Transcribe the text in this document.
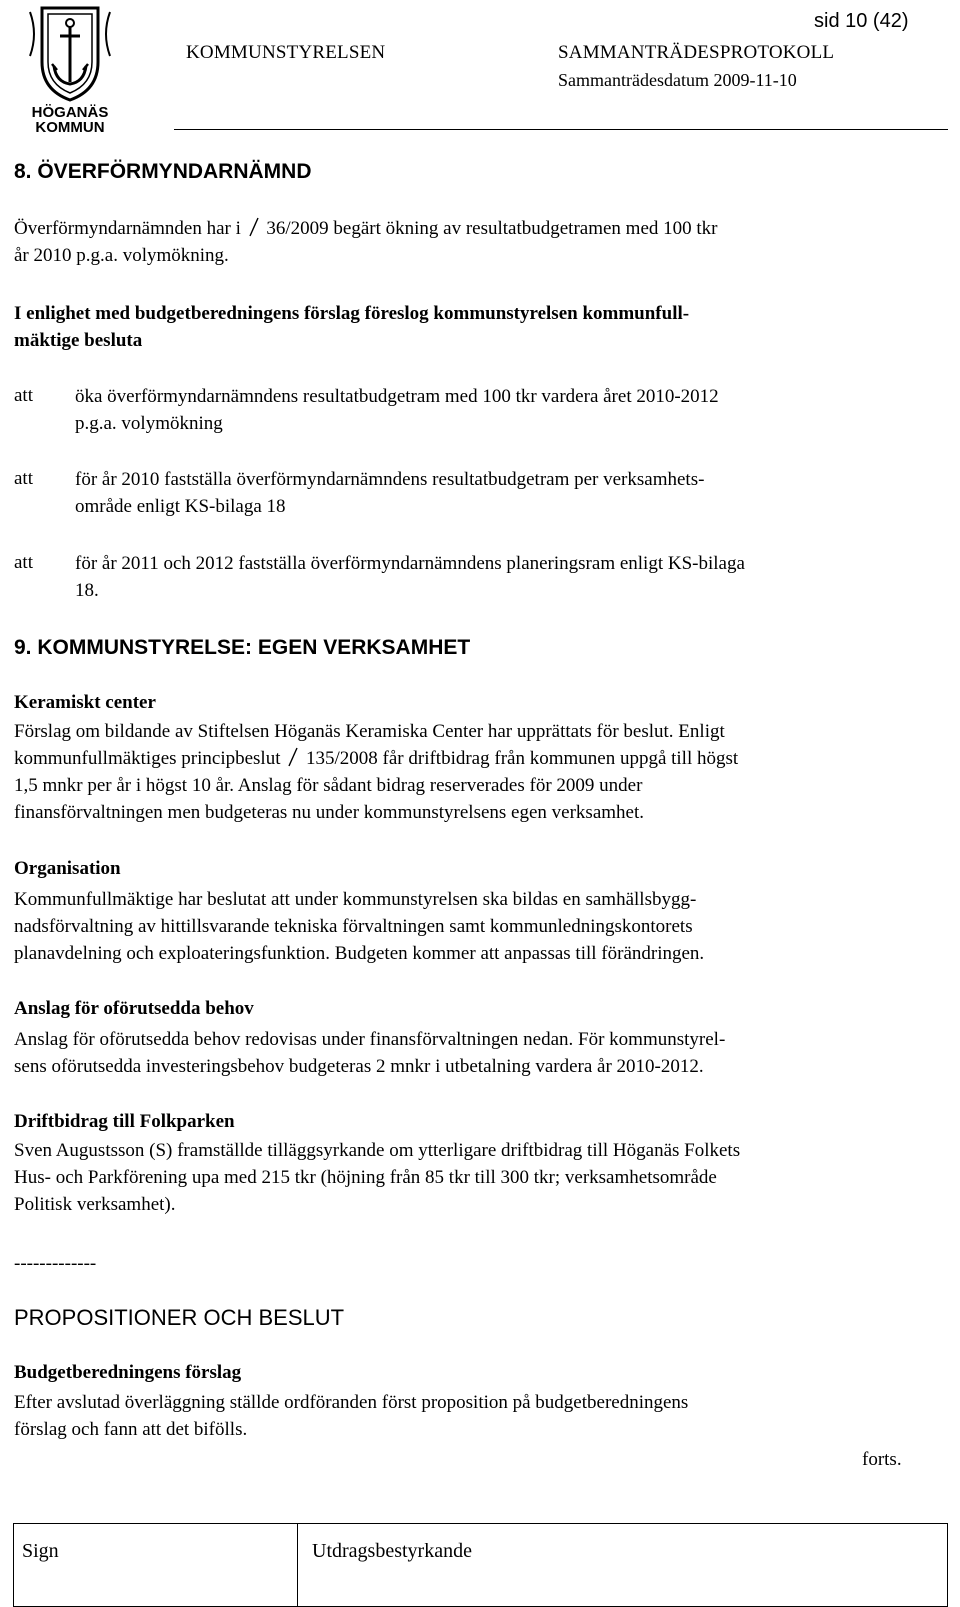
HÖGANÄS
KOMMUN
sid 10 (42)
KOMMUNSTYRELSEN	SAMMANTRÄDESPROTOKOLL
Sammanträdesdatum 2009-11-10
8. ÖVERFÖRMYNDARNÄMND
Överförmyndarnämnden har i 36/2009 begärt ökning av resultatbudgetramen med 100 tkr
år 2010 p.g.a. volymökning.
I enlighet med budgetberedningens förslag föreslog kommunstyrelsen kommunfull-
mäktige besluta
att öka överförmyndarnämndens resultatbudgetram med 100 tkr vardera året 2010-2012
p.g.a. volymökning
att för år 2010 fastställa överförmyndarnämndens resultatbudgetram per verksamhets-
område enligt KS-bilaga 18
att för år 2011 och 2012 fastställa överförmyndarnämndens planeringsram enligt KS-bilaga
18.
9. KOMMUNSTYRELSE: EGEN VERKSAMHET
Keramiskt center
Förslag om bildande av Stiftelsen Höganäs Keramiska Center har upprättats för beslut. Enligt
kommunfullmäktiges principbeslut 135/2008 får driftbidrag från kommunen uppgå till högst
1,5 mnkr per år i högst 10 år. Anslag för sådant bidrag reserverades för 2009 under
finansförvaltningen men budgeteras nu under kommunstyrelsens egen verksamhet.
Organisation
Kommunfullmäktige har beslutat att under kommunstyrelsen ska bildas en samhällsbygg-
nadsförvaltning av hittillsvarande tekniska förvaltningen samt kommunledningskontorets
planavdelning och exploateringsfunktion. Budgeten kommer att anpassas till förändringen.
Anslag för oförutsedda behov
Anslag för oförutsedda behov redovisas under finansförvaltningen nedan. För kommunstyrel-
sens oförutsedda investeringsbehov budgeteras 2 mnkr i utbetalning vardera år 2010-2012.
Driftbidrag till Folkparken
Sven Augustsson (S) framställde tilläggsyrkande om ytterligare driftbidrag till Höganäs Folkets
Hus- och Parkförening upa med 215 tkr (höjning från 85 tkr till 300 tkr; verksamhetsområde
Politisk verksamhet).
-------------
PROPOSITIONER OCH BESLUT
Budgetberedningens förslag
Efter avslutad överläggning ställde ordföranden först proposition på budgetberedningens
förslag och fann att det bifölls.
forts.
Sign	Utdragsbestyrkande
